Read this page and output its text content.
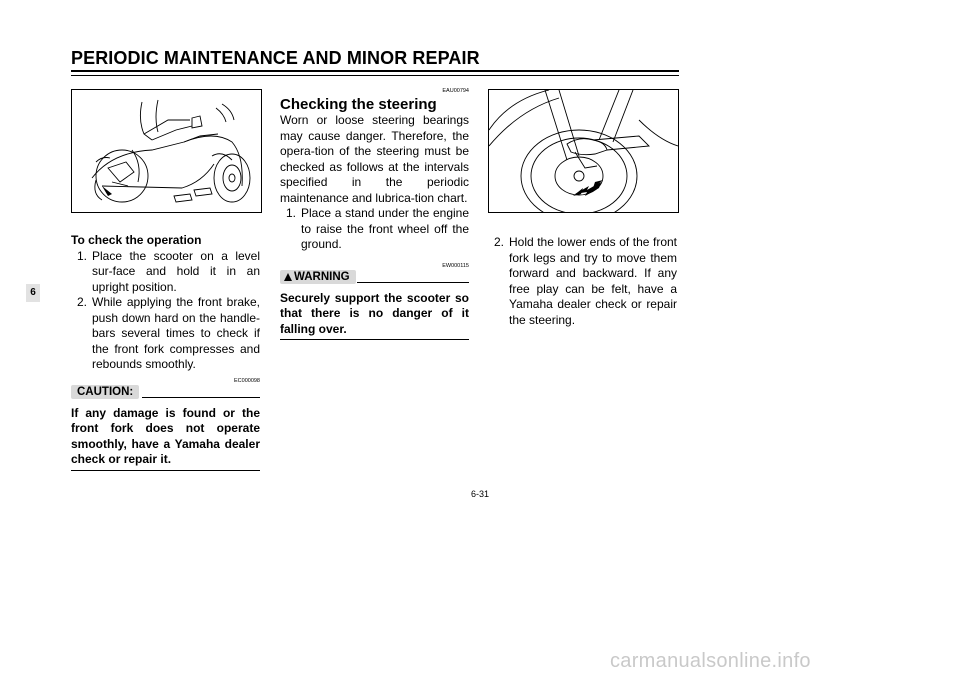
PERIODIC MAINTENANCE AND MINOR REPAIR
6
To check the operation
1. Place the scooter on a level sur-face and hold it in an upright position.
2. While applying the front brake, push down hard on the handle-bars several times to check if the front fork compresses and rebounds smoothly.
EC000098
CAUTION:
If any damage is found or the front fork does not operate smoothly, have a Yamaha dealer check or repair it.
EAU00794
Checking the steering
Worn or loose steering bearings may cause danger. Therefore, the opera-tion of the steering must be checked as follows at the intervals specified in the periodic maintenance and lubrica-tion chart.
1. Place a stand under the engine to raise the front wheel off the ground.
EW000115
WARNING
Securely support the scooter so that there is no danger of it falling over.
2. Hold the lower ends of the front fork legs and try to move them forward and backward. If any free play can be felt, have a Yamaha dealer check or repair the steering.
6-31
carmanualsonline.info
